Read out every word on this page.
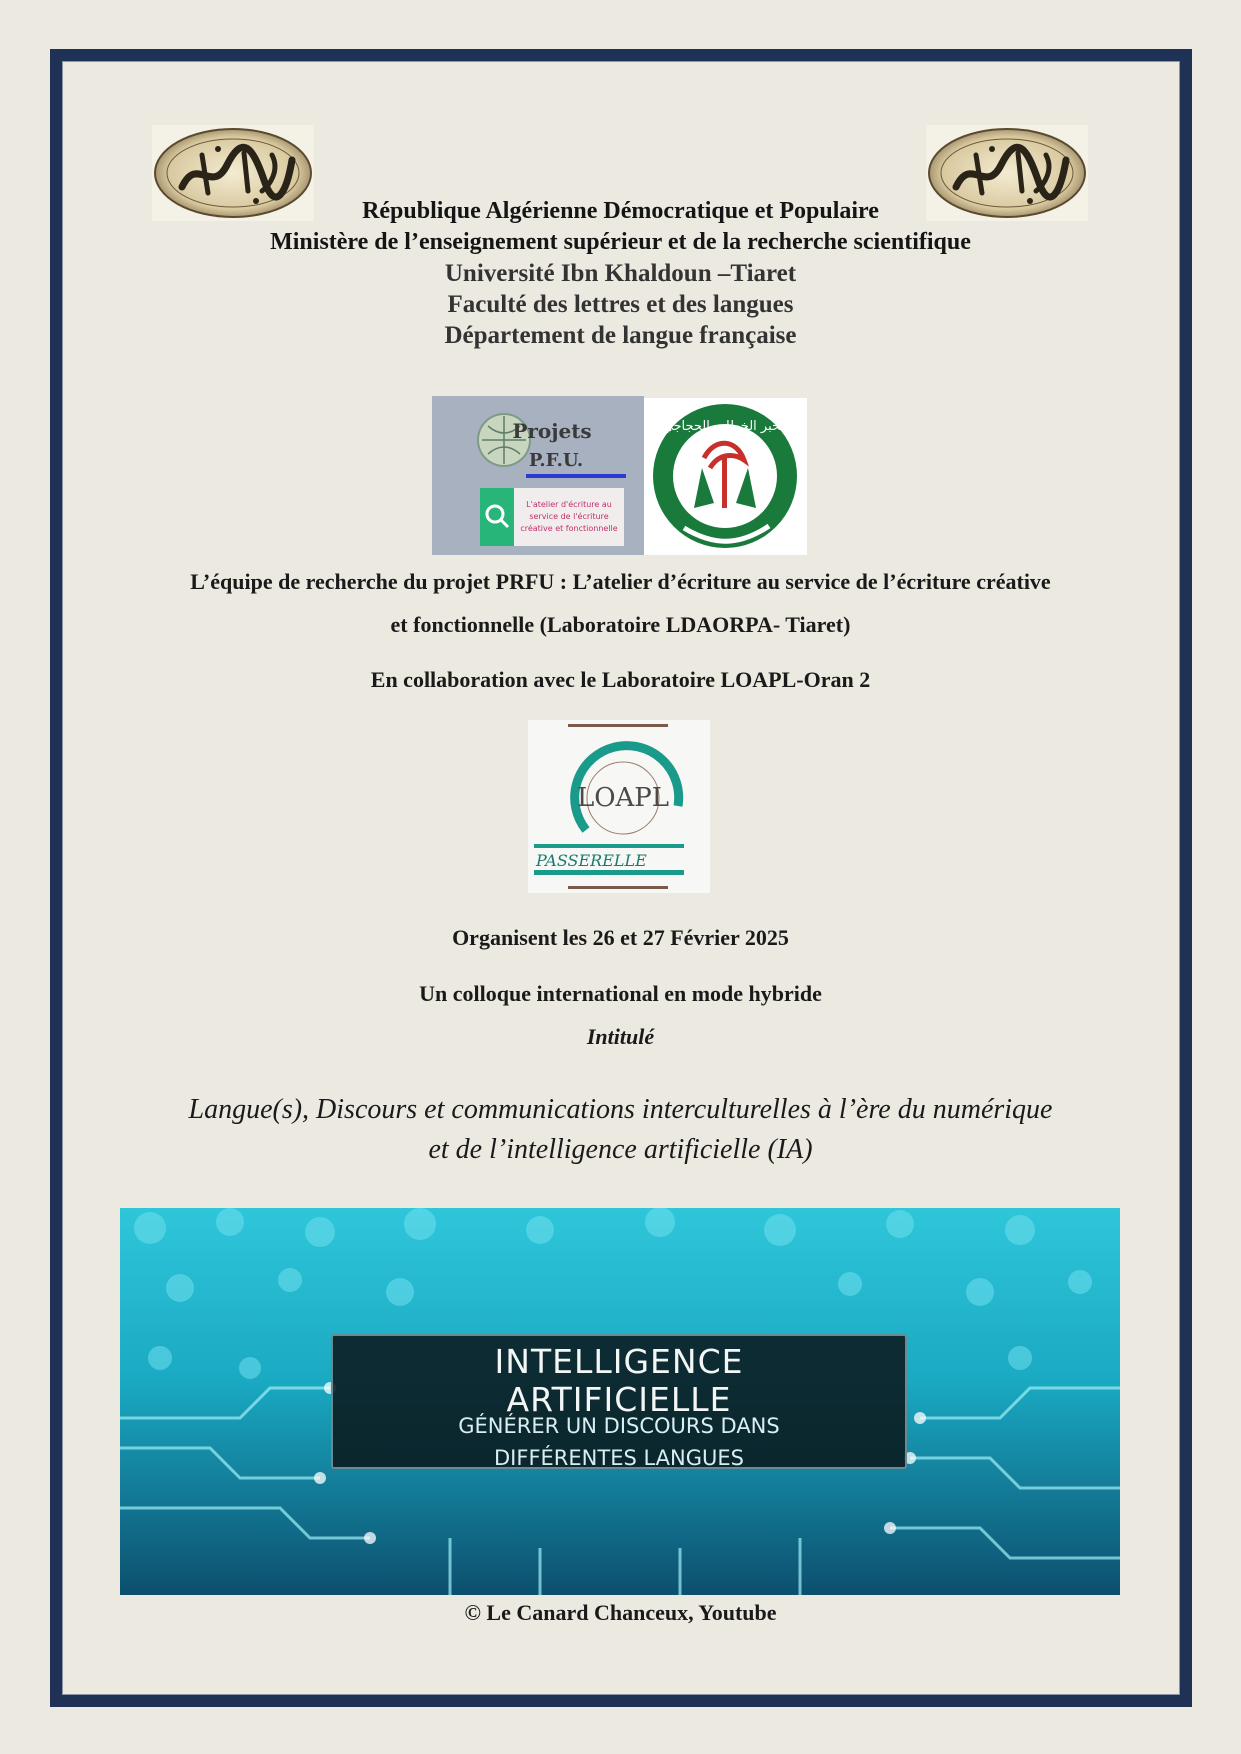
République Algérienne Démocratique et Populaire
Ministère de l’enseignement supérieur et de la recherche scientifique
Université Ibn Khaldoun –Tiaret
Faculté des lettres et des langues
Département de langue française
Projets
P.F.U.
L'atelier d'écriture au
service de l'écriture
créative et fonctionnelle
مخبر الخطاب الحجاجي
L’équipe de recherche du projet PRFU : L’atelier d’écriture au service de l’écriture créative
et fonctionnelle (Laboratoire LDAORPA- Tiaret)
En collaboration avec le Laboratoire LOAPL-Oran 2
LOAPL
PASSERELLE
Organisent les 26 et 27 Février 2025
Un colloque international en mode hybride
Intitulé
Langue(s), Discours et communications interculturelles à l’ère du numérique
et de l’intelligence artificielle (IA)
INTELLIGENCE
ARTIFICIELLE
GÉNÉRER UN DISCOURS DANS
DIFFÉRENTES LANGUES
© Le Canard Chanceux, Youtube
